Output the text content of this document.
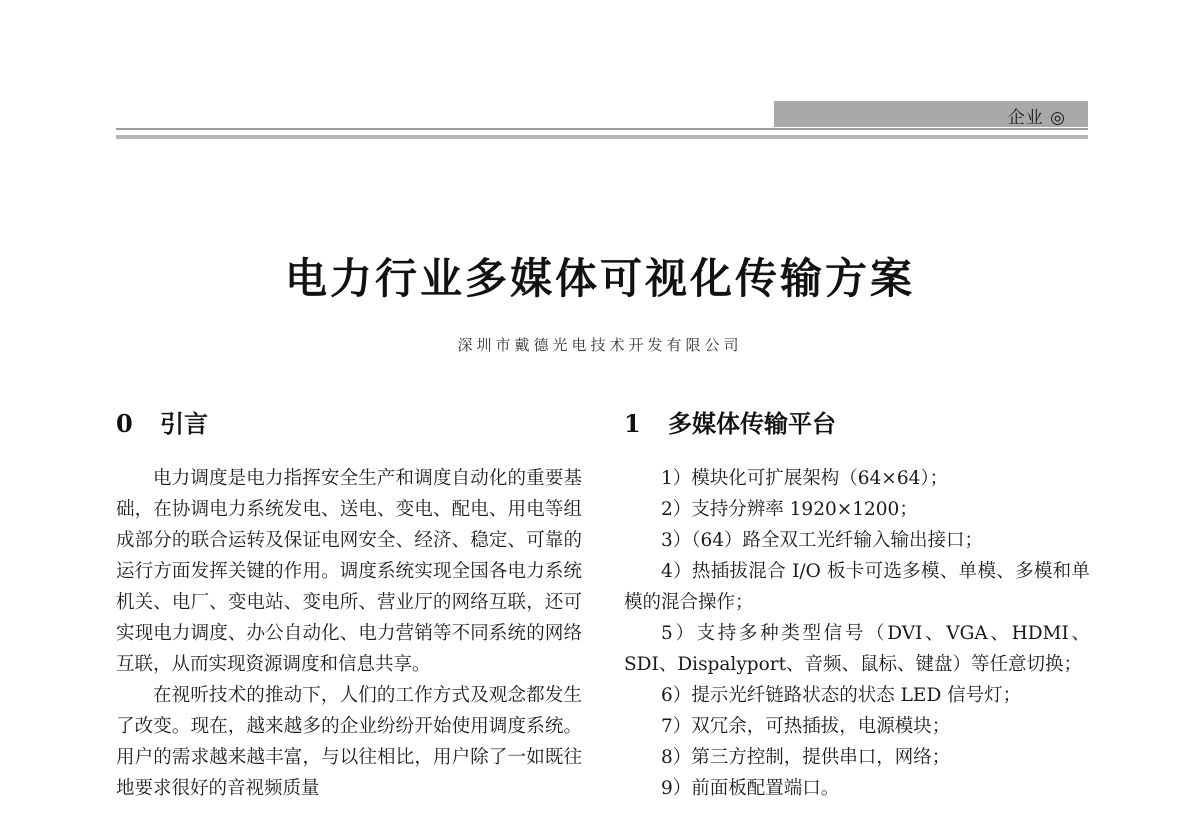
企业 ◎
电力行业多媒体可视化传输方案
深圳市戴德光电技术开发有限公司
0 引言

电力调度是电力指挥安全生产和调度自动化的重要基础，在协调电力系统发电、送电、变电、配电、用电等组成部分的联合运转及保证电网安全、经济、稳定、可靠的运行方面发挥关键的作用。调度系统实现全国各电力系统机关、电厂、变电站、变电所、营业厅的网络互联，还可实现电力调度、办公自动化、电力营销等不同系统的网络互联，从而实现资源调度和信息共享。

在视听技术的推动下，人们的工作方式及观念都发生了改变。现在，越来越多的企业纷纷开始使用调度系统。用户的需求越来越丰富，与以往相比，用户除了一如既往地要求很好的音视频质量

1 多媒体传输平台
1）模块化可扩展架构（64×64）；
2）支持分辨率 1920×1200；
3）（64）路全双工光纤输入输出接口；
4）热插拔混合 I/O 板卡可选多模、单模、多模和单模的混合操作；
5）支持多种类型信号（DVI、VGA、HDMI、SDI、Dispalyport、音频、鼠标、键盘）等任意切换；
6）提示光纤链路状态的状态 LED 信号灯；
7）双冗余，可热插拔，电源模块；
8）第三方控制，提供串口，网络；
9）前面板配置端口。
